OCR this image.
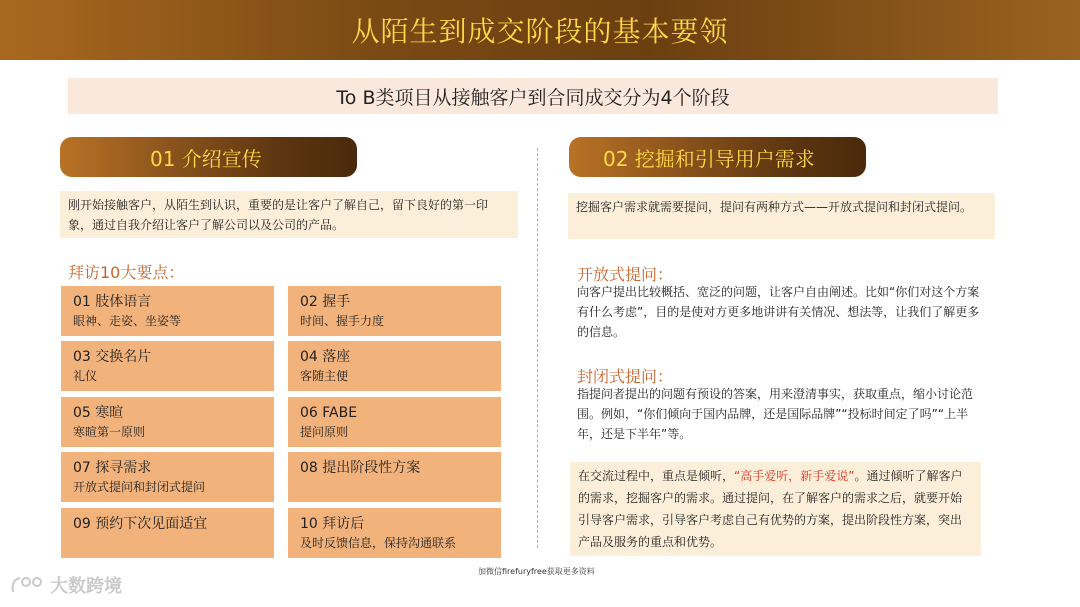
从陌生到成交阶段的基本要领
To B类项目从接触客户到合同成交分为4个阶段
01 介绍宣传
刚开始接触客户，从陌生到认识，重要的是让客户了解自己，留下良好的第一印象，通过自我介绍让客户了解公司以及公司的产品。
拜访10大要点：
01 肢体语言
眼神、走姿、坐姿等
02 握手
时间、握手力度
03 交换名片
礼仪
04 落座
客随主便
05 寒暄
寒暄第一原则
06 FABE
提问原则
07 探寻需求
开放式提问和封闭式提问
08 提出阶段性方案
09 预约下次见面适宜	10 拜访后
及时反馈信息，保持沟通联系
02 挖掘和引导用户需求
挖掘客户需求就需要提问，提问有两种方式——开放式提问和封闭式提问。
开放式提问：
向客户提出比较概括、宽泛的问题，让客户自由阐述。比如“你们对这个方案有什么考虑”，目的是使对方更多地讲讲有关情况、想法等，让我们了解更多的信息。
封闭式提问：
指提问者提出的问题有预设的答案，用来澄清事实，获取重点，缩小讨论范围。例如，“你们倾向于国内品牌，还是国际品牌”“投标时间定了吗”“上半年，还是下半年”等。
在交流过程中，重点是倾听，“高手爱听，新手爱说”。通过倾听了解客户的需求，挖掘客户的需求。通过提问，在了解客户的需求之后，就要开始引导客户需求，引导客户考虑自己有优势的方案，提出阶段性方案，突出产品及服务的重点和优势。
加微信firefuryfree获取更多资料
大数跨境
